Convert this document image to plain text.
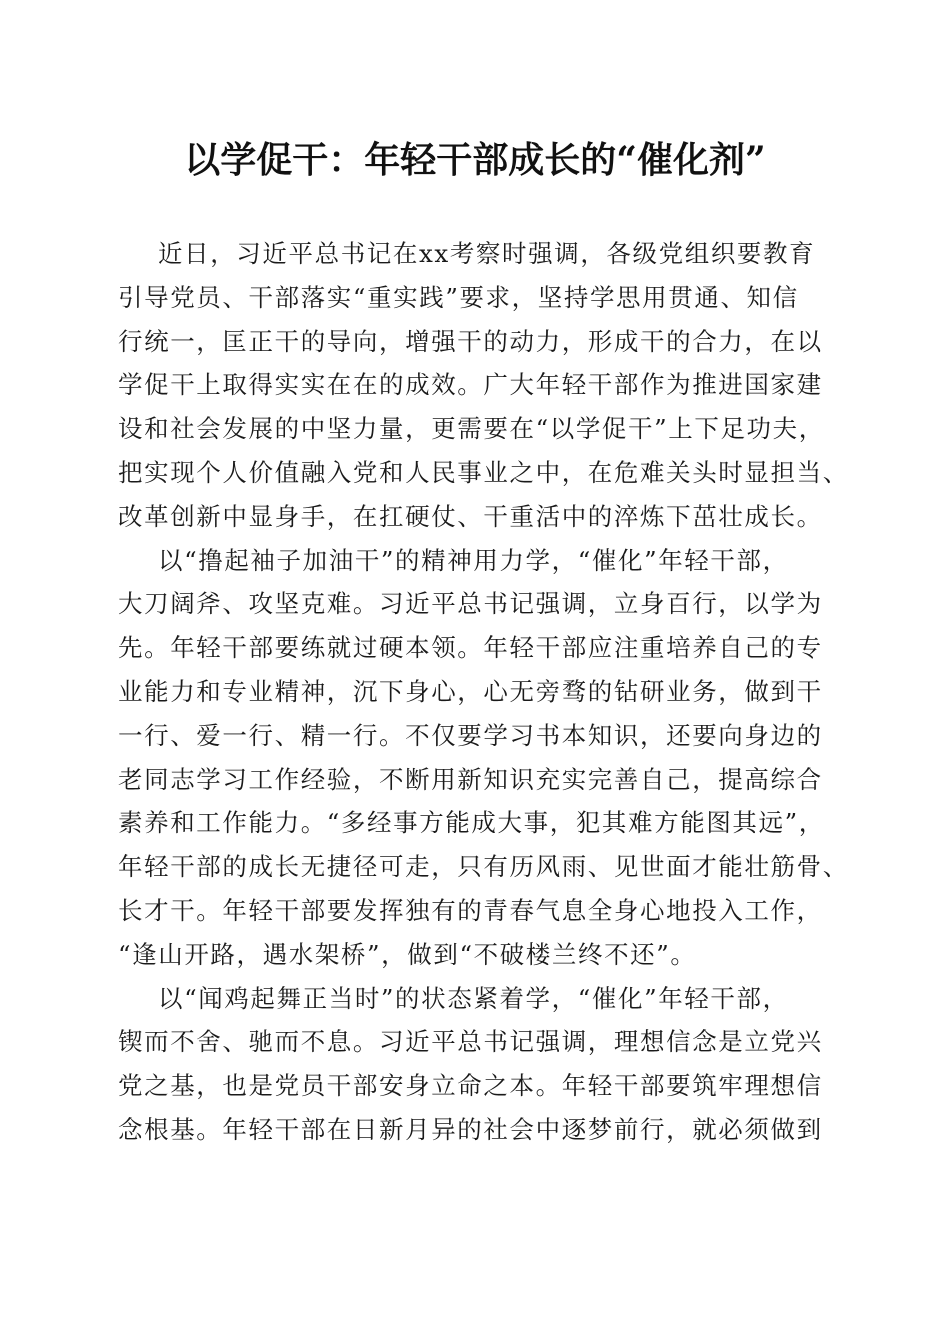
以学促干：年轻干部成长的“催化剂”
近日，习近平总书记在xx考察时强调，各级党组织要教育
引导党员、干部落实“重实践”要求，坚持学思用贯通、知信
行统一，匡正干的导向，增强干的动力，形成干的合力，在以
学促干上取得实实在在的成效。广大年轻干部作为推进国家建
设和社会发展的中坚力量，更需要在“以学促干”上下足功夫，
把实现个人价值融入党和人民事业之中，在危难关头时显担当、
改革创新中显身手，在扛硬仗、干重活中的淬炼下茁壮成长。
以“撸起袖子加油干”的精神用力学，“催化”年轻干部，
大刀阔斧、攻坚克难。习近平总书记强调，立身百行，以学为
先。年轻干部要练就过硬本领。年轻干部应注重培养自己的专
业能力和专业精神，沉下身心，心无旁骛的钻研业务，做到干
一行、爱一行、精一行。不仅要学习书本知识，还要向身边的
老同志学习工作经验，不断用新知识充实完善自己，提高综合
素养和工作能力。“多经事方能成大事，犯其难方能图其远”，
年轻干部的成长无捷径可走，只有历风雨、见世面才能壮筋骨、
长才干。年轻干部要发挥独有的青春气息全身心地投入工作，
“逢山开路，遇水架桥”，做到“不破楼兰终不还”。
以“闻鸡起舞正当时”的状态紧着学，“催化”年轻干部，
锲而不舍、驰而不息。习近平总书记强调，理想信念是立党兴
党之基，也是党员干部安身立命之本。年轻干部要筑牢理想信
念根基。年轻干部在日新月异的社会中逐梦前行，就必须做到
